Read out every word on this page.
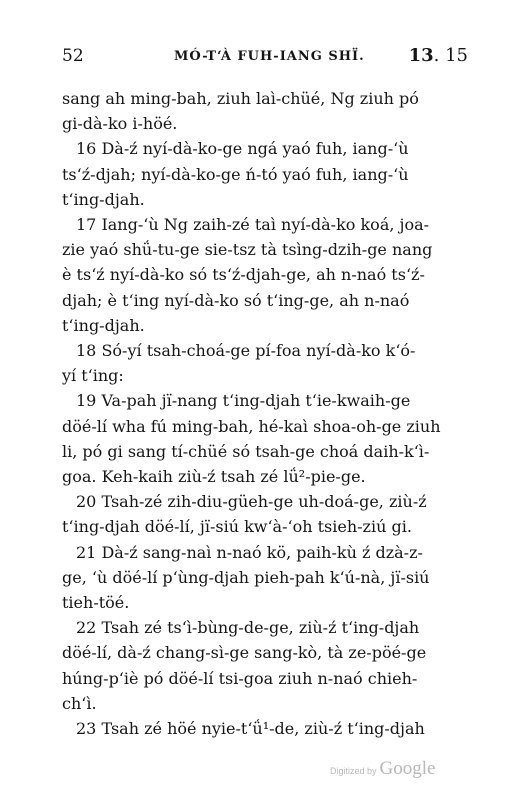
52	MÓ-T‘À FUH-IANG SHÏ. 13. 15
sang ah ming-bah, ziuh laì-chüé, Ng ziuh pó
gi-dà-ko i-höé.
16 Dà-ź nyí-dà-ko-ge ngá yaó fuh, iang-‘ù
ts‘ź-djah; nyí-dà-ko-ge ń-tó yaó fuh, iang-‘ù
t‘ing-djah.
17 Iang-‘ù Ng zaih-zé taì nyí-dà-ko koá, joa-
zie yaó shǘ-tu-ge sie-tsz tà tsìng-dzih-ge nang
è ts‘ź nyí-dà-ko só ts‘ź-djah-ge, ah n-naó ts‘ź-
djah; è t‘ing nyí-dà-ko só t‘ing-ge, ah n-naó
t‘ing-djah.
18 Só-yí tsah-choá-ge pí-foa nyí-dà-ko k‘ó-
yí t‘ing:
19 Va-pah jï-nang t‘ing-djah t‘ie-kwaih-ge
döé-lí wha fú ming-bah, hé-kaì shoa-oh-ge ziuh
li, pó gi sang tí-chüé só tsah-ge choá daih-k‘ì-
goa. Keh-kaih ziù-ź tsah zé lǘ²-pie-ge.
20 Tsah-zé zih-diu-güeh-ge uh-doá-ge, ziù-ź
t‘ing-djah döé-lí, jï-siú kw‘à-‘oh tsieh-ziú gi.
21 Dà-ź sang-naì n-naó kö, paih-kù ź dzà-z-
ge, ‘ù döé-lí p‘ùng-djah pieh-pah k‘ú-nà, jï-siú
tieh-töé.
22 Tsah zé ts‘ì-bùng-de-ge, ziù-ź t‘ing-djah
döé-lí, dà-ź chang-sì-ge sang-kò, tà ze-pöé-ge
húng-p‘iè pó döé-lí tsi-goa ziuh n-naó chieh-
ch‘ì.
23 Tsah zé höé nyie-t‘ǘ¹-de, ziù-ź t‘ing-djah
Digitized by Google
